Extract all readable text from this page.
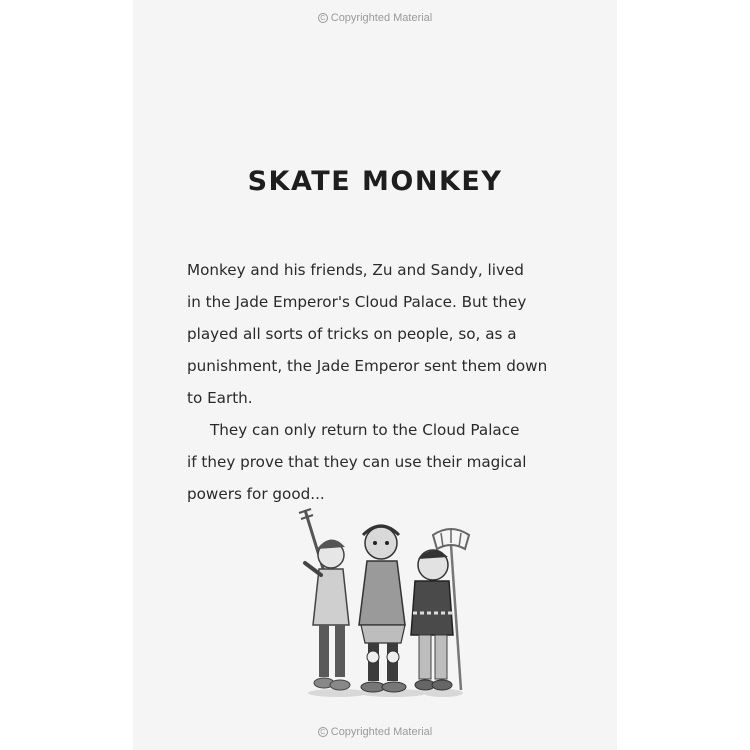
C Copyrighted Material
SKATE MONKEY
Monkey and his friends, Zu and Sandy, lived
in the Jade Emperor's Cloud Palace. But they
played all sorts of tricks on people, so, as a
punishment, the Jade Emperor sent them down
to Earth.
They can only return to the Cloud Palace
if they prove that they can use their magical
powers for good...
C Copyrighted Material
